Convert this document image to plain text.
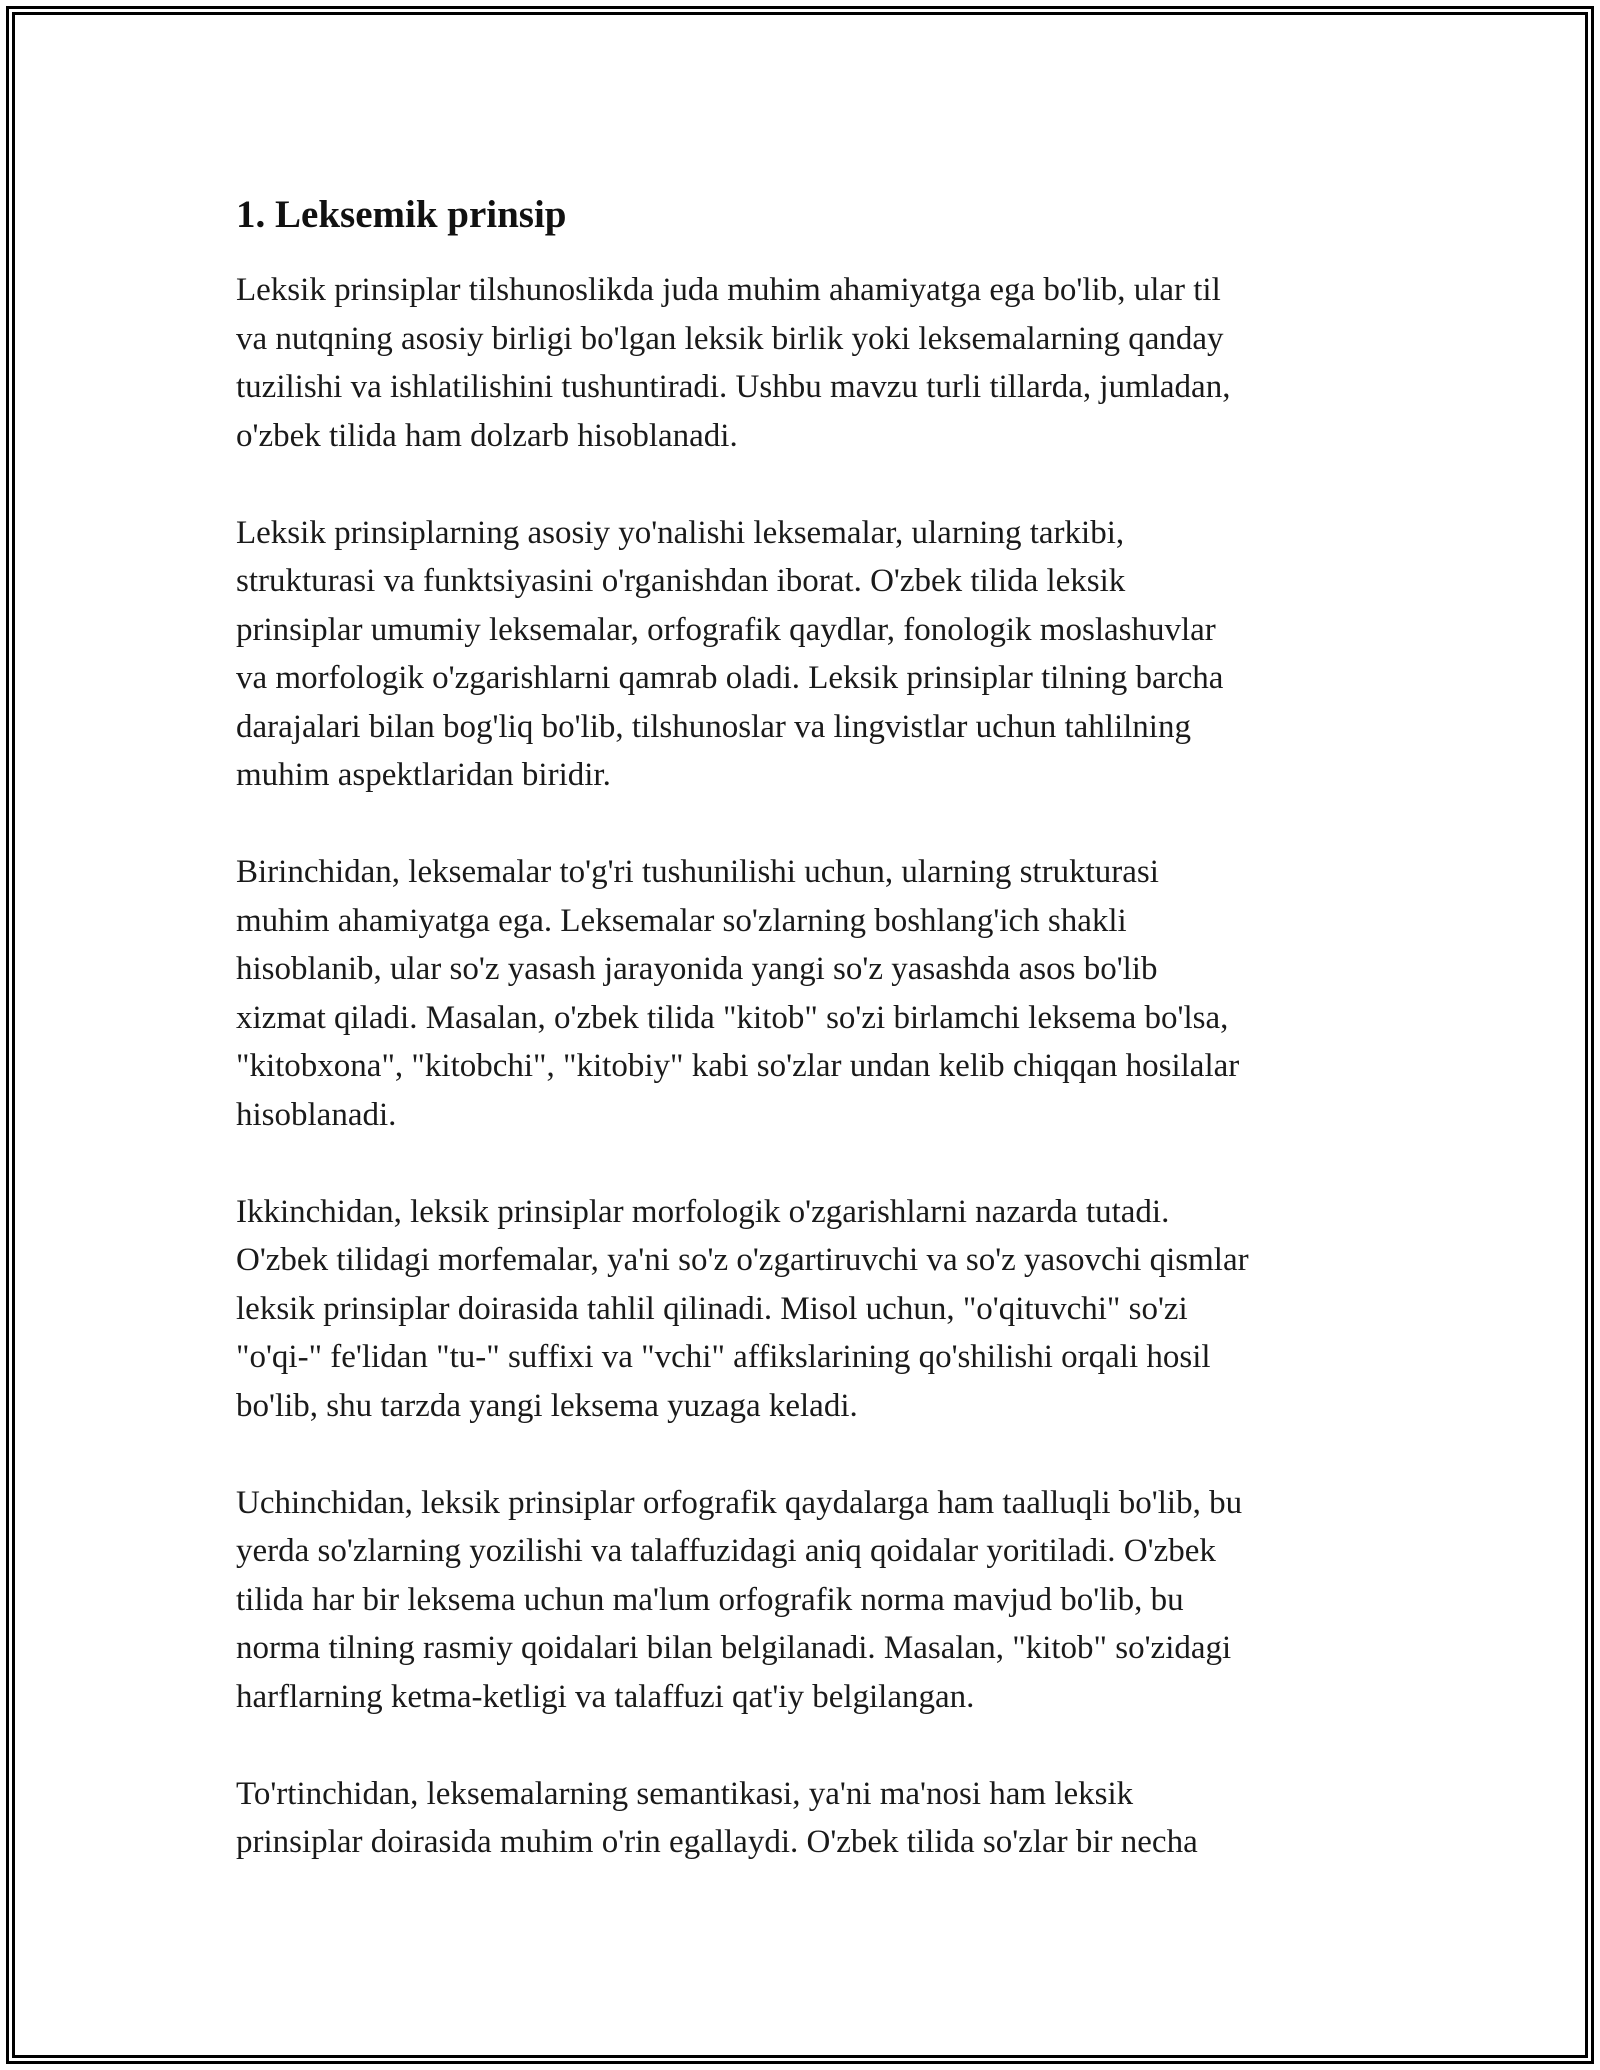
1. Leksemik prinsip

Leksik prinsiplar tilshunoslikda juda muhim ahamiyatga ega bo'lib, ular til
va nutqning asosiy birligi bo'lgan leksik birlik yoki leksemalarning qanday
tuzilishi va ishlatilishini tushuntiradi. Ushbu mavzu turli tillarda, jumladan,
o'zbek tilida ham dolzarb hisoblanadi.

Leksik prinsiplarning asosiy yo'nalishi leksemalar, ularning tarkibi,
strukturasi va funktsiyasini o'rganishdan iborat. O'zbek tilida leksik
prinsiplar umumiy leksemalar, orfografik qaydlar, fonologik moslashuvlar
va morfologik o'zgarishlarni qamrab oladi. Leksik prinsiplar tilning barcha
darajalari bilan bog'liq bo'lib, tilshunoslar va lingvistlar uchun tahlilning
muhim aspektlaridan biridir.

Birinchidan, leksemalar to'g'ri tushunilishi uchun, ularning strukturasi
muhim ahamiyatga ega. Leksemalar so'zlarning boshlang'ich shakli
hisoblanib, ular so'z yasash jarayonida yangi so'z yasashda asos bo'lib
xizmat qiladi. Masalan, o'zbek tilida "kitob" so'zi birlamchi leksema bo'lsa,
"kitobxona", "kitobchi", "kitobiy" kabi so'zlar undan kelib chiqqan hosilalar
hisoblanadi.

Ikkinchidan, leksik prinsiplar morfologik o'zgarishlarni nazarda tutadi.
O'zbek tilidagi morfemalar, ya'ni so'z o'zgartiruvchi va so'z yasovchi qismlar
leksik prinsiplar doirasida tahlil qilinadi. Misol uchun, "o'qituvchi" so'zi
"o'qi-" fe'lidan "tu-" suffixi va "vchi" affikslarining qo'shilishi orqali hosil
bo'lib, shu tarzda yangi leksema yuzaga keladi.

Uchinchidan, leksik prinsiplar orfografik qaydalarga ham taalluqli bo'lib, bu
yerda so'zlarning yozilishi va talaffuzidagi aniq qoidalar yoritiladi. O'zbek
tilida har bir leksema uchun ma'lum orfografik norma mavjud bo'lib, bu
norma tilning rasmiy qoidalari bilan belgilanadi. Masalan, "kitob" so'zidagi
harflarning ketma-ketligi va talaffuzi qat'iy belgilangan.

To'rtinchidan, leksemalarning semantikasi, ya'ni ma'nosi ham leksik
prinsiplar doirasida muhim o'rin egallaydi. O'zbek tilida so'zlar bir necha
